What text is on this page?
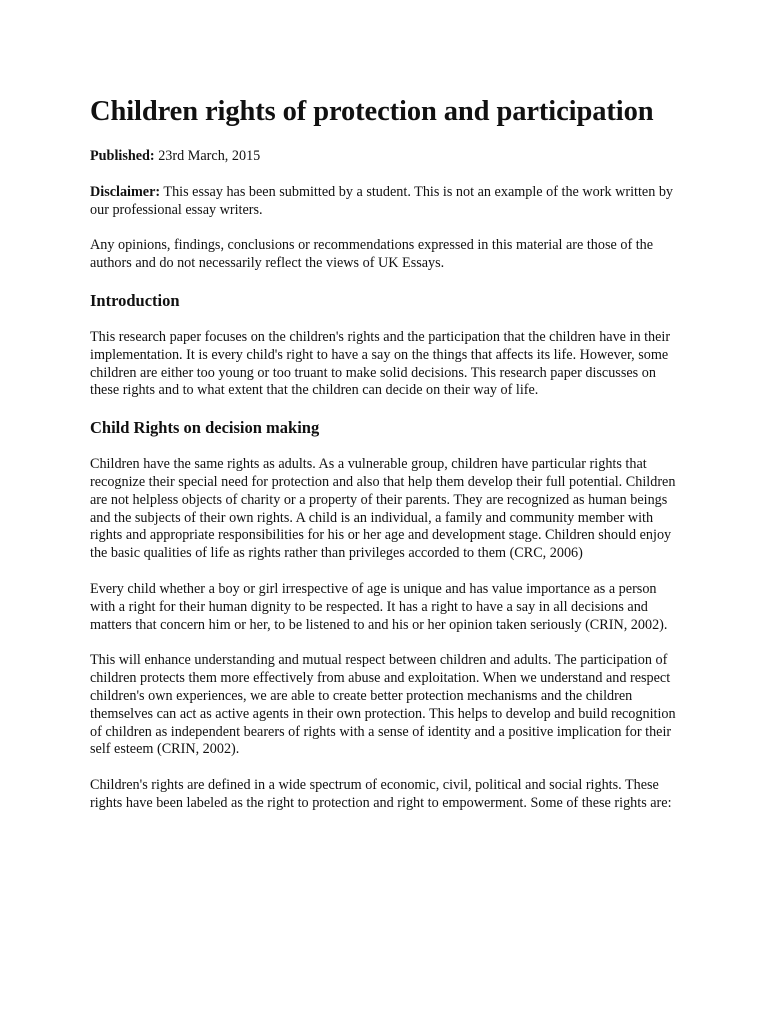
Children rights of protection and participation

Published: 23rd March, 2015

Disclaimer: This essay has been submitted by a student. This is not an example of the work written by our professional essay writers.

Any opinions, findings, conclusions or recommendations expressed in this material are those of the authors and do not necessarily reflect the views of UK Essays.

Introduction

This research paper focuses on the children's rights and the participation that the children have in their implementation. It is every child's right to have a say on the things that affects its life. However, some children are either too young or too truant to make solid decisions. This research paper discusses on these rights and to what extent that the children can decide on their way of life.

Child Rights on decision making

Children have the same rights as adults. As a vulnerable group, children have particular rights that recognize their special need for protection and also that help them develop their full potential. Children are not helpless objects of charity or a property of their parents. They are recognized as human beings and the subjects of their own rights. A child is an individual, a family and community member with rights and appropriate responsibilities for his or her age and development stage. Children should enjoy the basic qualities of life as rights rather than privileges accorded to them (CRC, 2006)

Every child whether a boy or girl irrespective of age is unique and has value importance as a person with a right for their human dignity to be respected. It has a right to have a say in all decisions and matters that concern him or her, to be listened to and his or her opinion taken seriously (CRIN, 2002).

This will enhance understanding and mutual respect between children and adults. The participation of children protects them more effectively from abuse and exploitation. When we understand and respect children's own experiences, we are able to create better protection mechanisms and the children themselves can act as active agents in their own protection. This helps to develop and build recognition of children as independent bearers of rights with a sense of identity and a positive implication for their self esteem (CRIN, 2002).

Children's rights are defined in a wide spectrum of economic, civil, political and social rights. These rights have been labeled as the right to protection and right to empowerment. Some of these rights are:
